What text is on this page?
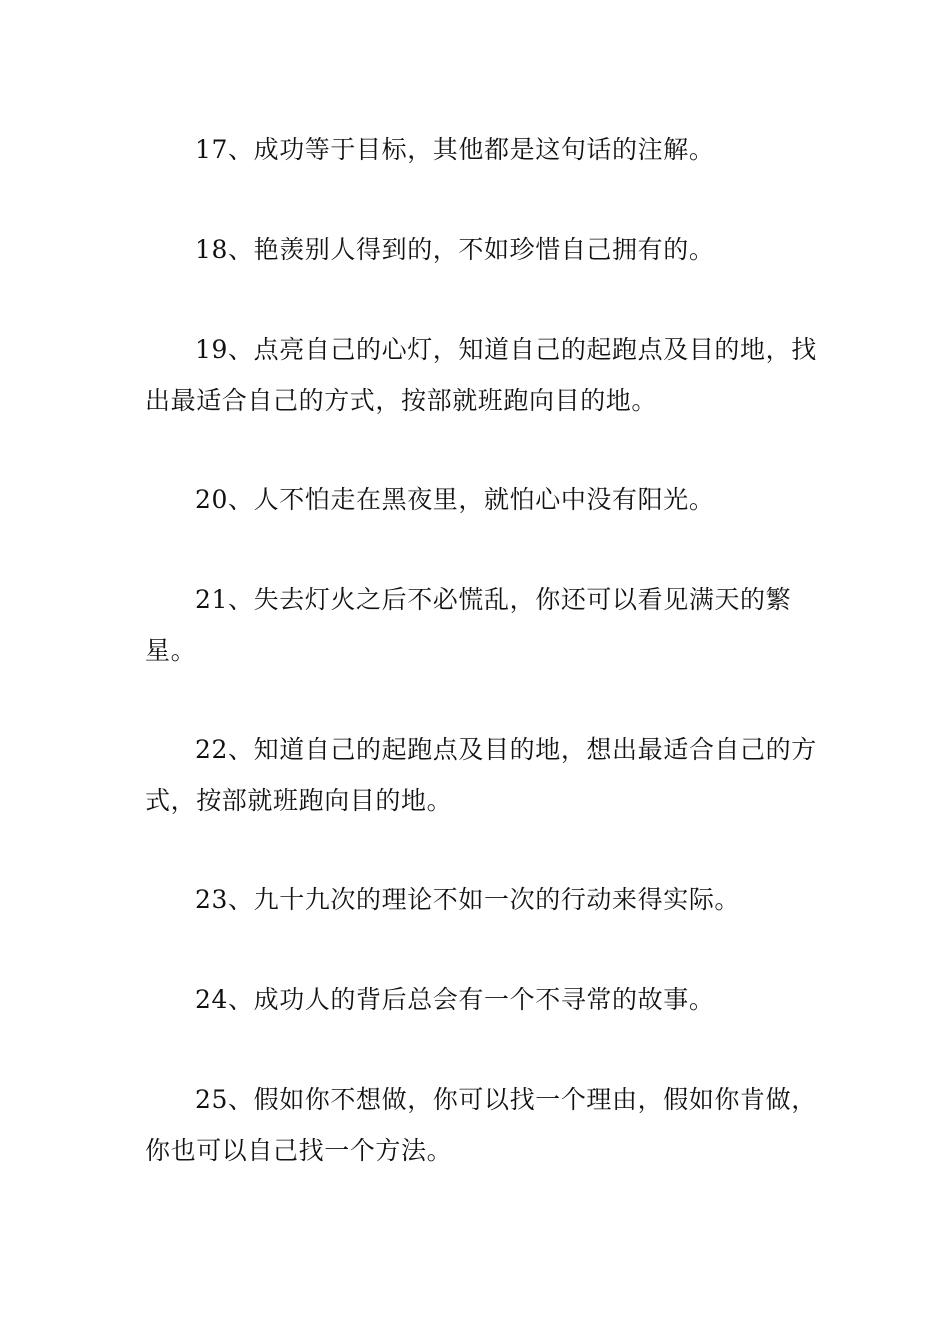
17、成功等于目标，其他都是这句话的注解。

18、艳羡别人得到的，不如珍惜自己拥有的。

19、点亮自己的心灯，知道自己的起跑点及目的地，找出最适合自己的方式，按部就班跑向目的地。

20、人不怕走在黑夜里，就怕心中没有阳光。

21、失去灯火之后不必慌乱，你还可以看见满天的繁星。

22、知道自己的起跑点及目的地，想出最适合自己的方式，按部就班跑向目的地。

23、九十九次的理论不如一次的行动来得实际。

24、成功人的背后总会有一个不寻常的故事。

25、假如你不想做，你可以找一个理由，假如你肯做，你也可以自己找一个方法。
